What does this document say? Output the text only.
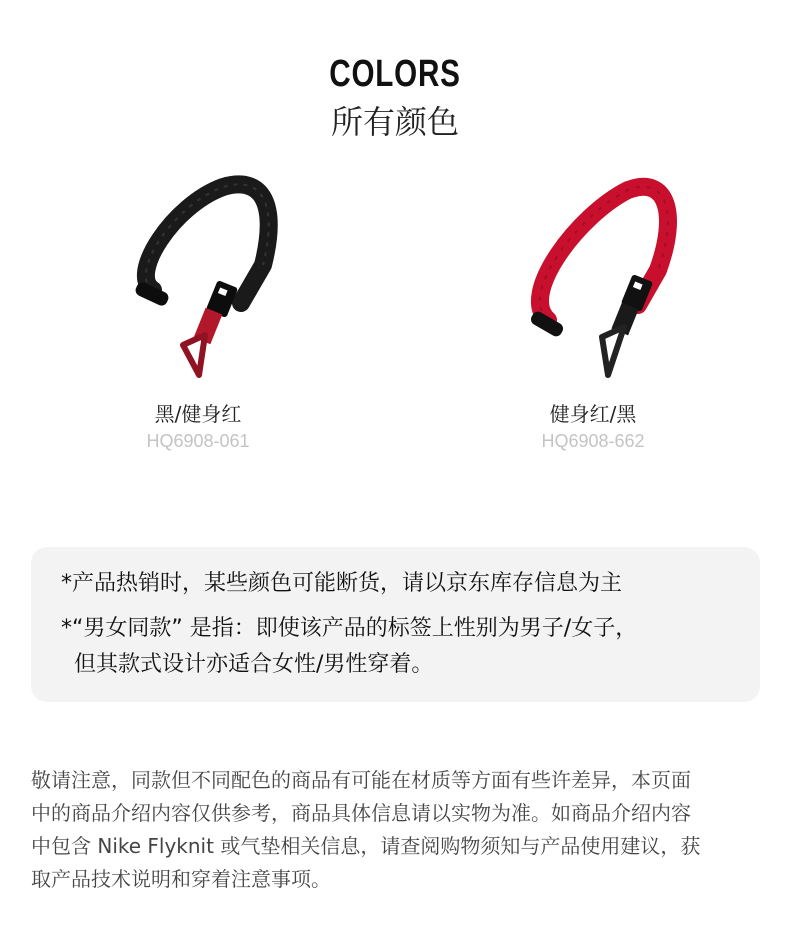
COLORS
所有颜色
黑/健身红
HQ6908-061
健身红/黑
HQ6908-662
*产品热销时，某些颜色可能断货，请以京东库存信息为主
*“男女同款” 是指：即使该产品的标签上性别为男子/女子，
但其款式设计亦适合女性/男性穿着。
敬请注意，同款但不同配色的商品有可能在材质等方面有些许差异，本页面
中的商品介绍内容仅供参考，商品具体信息请以实物为准。如商品介绍内容
中包含 Nike Flyknit 或气垫相关信息，请查阅购物须知与产品使用建议，获
取产品技术说明和穿着注意事项。
